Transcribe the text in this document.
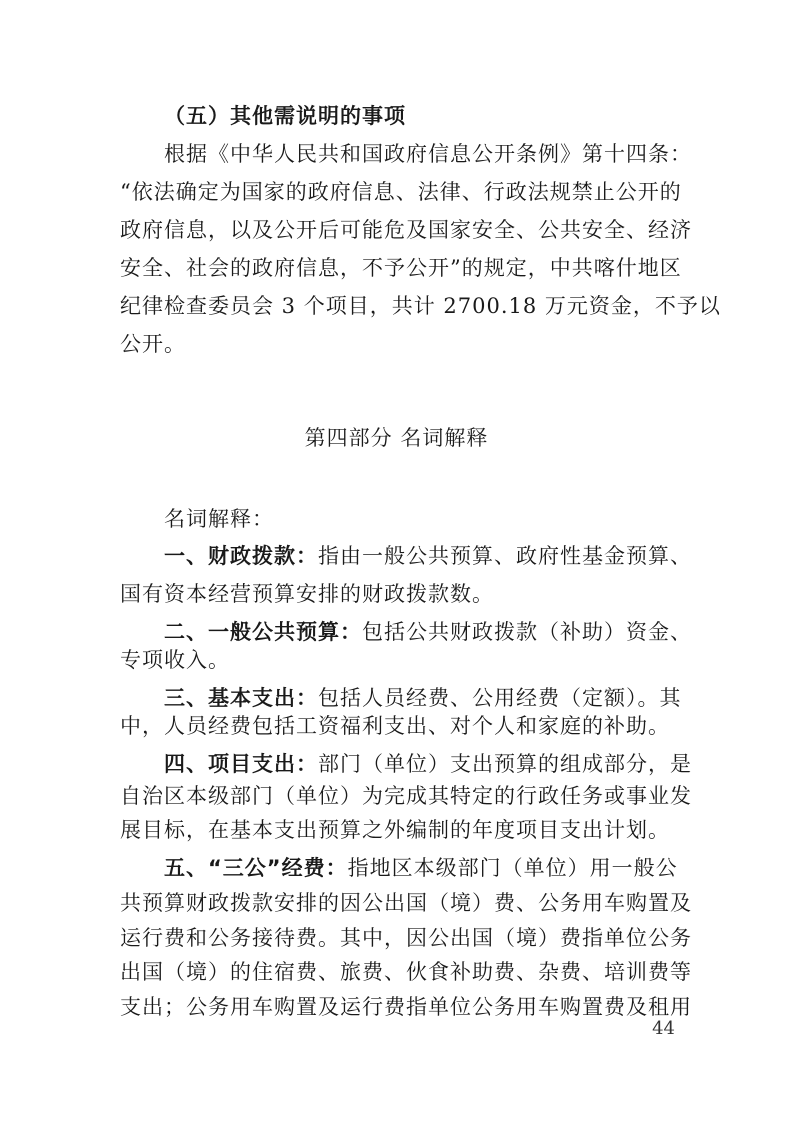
（五）其他需说明的事项
根据《中华人民共和国政府信息公开条例》第十四条：
“依法确定为国家的政府信息、法律、行政法规禁止公开的
政府信息，以及公开后可能危及国家安全、公共安全、经济
安全、社会的政府信息，不予公开”的规定，中共喀什地区
纪律检查委员会 3 个项目，共计 2700.18 万元资金，不予以
公开。
第四部分 名词解释
名词解释：
一、财政拨款：指由一般公共预算、政府性基金预算、
国有资本经营预算安排的财政拨款数。
二、一般公共预算：包括公共财政拨款（补助）资金、
专项收入。
三、基本支出：包括人员经费、公用经费（定额）。其
中，人员经费包括工资福利支出、对个人和家庭的补助。
四、项目支出：部门（单位）支出预算的组成部分，是
自治区本级部门（单位）为完成其特定的行政任务或事业发
展目标，在基本支出预算之外编制的年度项目支出计划。
五、“三公”经费：指地区本级部门（单位）用一般公
共预算财政拨款安排的因公出国（境）费、公务用车购置及
运行费和公务接待费。其中，因公出国（境）费指单位公务
出国（境）的住宿费、旅费、伙食补助费、杂费、培训费等
支出；公务用车购置及运行费指单位公务用车购置费及租用
44
